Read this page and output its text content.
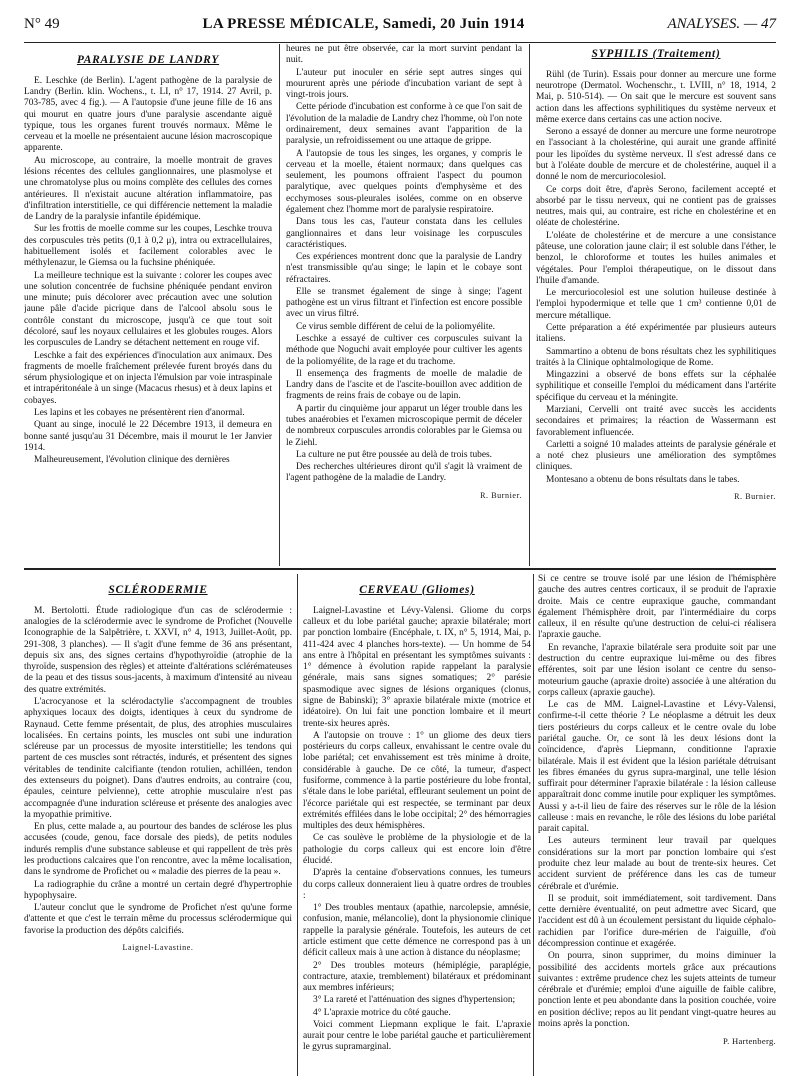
N° 49	LA PRESSE MÉDICALE, Samedi, 20 Juin 1914	ANALYSES. — 47
PARALYSIE DE LANDRY

E. Leschke (de Berlin). L'agent pathogène de la paralysie de Landry (Berlin. klin. Wochens., t. LI, n° 17, 1914. 27 Avril, p. 703-785, avec 4 fig.). — A l'autopsie d'une jeune fille de 16 ans qui mourut en quatre jours d'une paralysie ascendante aiguë typique, tous les organes furent trouvés normaux. Même le cerveau et la moelle ne présentaient aucune lésion macroscopique apparente.

Au microscope, au contraire, la moelle montrait de graves lésions récentes des cellules ganglionnaires, une plasmolyse et une chromatolyse plus ou moins complète des cellules des cornes antérieures. Il n'existait aucune altération inflammatoire, pas d'infiltration interstitielle, ce qui différencie nettement la maladie de Landry de la paralysie infantile épidémique.

Sur les frottis de moelle comme sur les coupes, Leschke trouva des corpuscules très petits (0,1 à 0,2 μ), intra ou extracellulaires, habituellement isolés et facilement colorables avec le méthylenazur, le Giemsa ou la fuchsine phéniquée.

La meilleure technique est la suivante : colorer les coupes avec une solution concentrée de fuchsine phéniquée pendant environ une minute; puis décolorer avec précaution avec une solution jaune pâle d'acide picrique dans de l'alcool absolu sous le contrôle constant du microscope, jusqu'à ce que tout soit décoloré, sauf les noyaux cellulaires et les globules rouges. Alors les corpuscules de Landry se détachent nettement en rouge vif.

Leschke a fait des expériences d'inoculation aux animaux. Des fragments de moelle fraîchement prélevée furent broyés dans du sérum physiologique et on injecta l'émulsion par voie intraspinale et intrapéritonéale à un singe (Macacus rhesus) et à deux lapins et cobayes.

Les lapins et les cobayes ne présentèrent rien d'anormal.

Quant au singe, inoculé le 22 Décembre 1913, il demeura en bonne santé jusqu'au 31 Décembre, mais il mourut le 1er Janvier 1914.

Malheureusement, l'évolution clinique des dernières

heures ne put être observée, car la mort survint pendant la nuit.

L'auteur put inoculer en série sept autres singes qui moururent après une période d'incubation variant de sept à vingt-trois jours.

Cette période d'incubation est conforme à ce que l'on sait de l'évolution de la maladie de Landry chez l'homme, où l'on note ordinairement, deux semaines avant l'apparition de la paralysie, un refroidissement ou une attaque de grippe.

A l'autopsie de tous les singes, les organes, y compris le cerveau et la moelle, étaient normaux; dans quelques cas seulement, les poumons offraient l'aspect du poumon paralytique, avec quelques points d'emphysème et des ecchymoses sous-pleurales isolées, comme on en observe également chez l'homme mort de paralysie respiratoire.

Dans tous les cas, l'auteur constata dans les cellules ganglionnaires et dans leur voisinage les corpuscules caractéristiques.

Ces expériences montrent donc que la paralysie de Landry n'est transmissible qu'au singe; le lapin et le cobaye sont réfractaires.

Elle se transmet également de singe à singe; l'agent pathogène est un virus filtrant et l'infection est encore possible avec un virus filtré.

Ce virus semble différent de celui de la poliomyélite.

Leschke a essayé de cultiver ces corpuscules suivant la méthode que Noguchi avait employée pour cultiver les agents de la poliomyélite, de la rage et du trachome.

Il ensemença des fragments de moelle de maladie de Landry dans de l'ascite et de l'ascite-bouillon avec addition de fragments de reins frais de cobaye ou de lapin.

A partir du cinquième jour apparut un léger trouble dans les tubes anaérobies et l'examen microscopique permit de déceler de nombreux corpuscules arrondis colorables par le Giemsa ou le Ziehl.

La culture ne put être poussée au delà de trois tubes.

Des recherches ultérieures diront qu'il s'agit là vraiment de l'agent pathogène de la maladie de Landry.

R. Burnier.
SYPHILIS (Traitement)

Rühl (de Turin). Essais pour donner au mercure une forme neurotrope (Dermatol. Wochenschr., t. LVIII, n° 18, 1914, 2 Mai, p. 510-514). — On sait que le mercure est souvent sans action dans les affections syphilitiques du système nerveux et même exerce dans certains cas une action nocive.

Serono a essayé de donner au mercure une forme neurotrope en l'associant à la cholestérine, qui aurait une grande affinité pour les lipoïdes du système nerveux. Il s'est adressé dans ce but à l'oléate double de mercure et de cholestérine, auquel il a donné le nom de mercuriocolesiol.

Ce corps doit être, d'après Serono, facilement accepté et absorbé par le tissu nerveux, qui ne contient pas de graisses neutres, mais qui, au contraire, est riche en cholestérine et en oléate de cholestérine.

L'oléate de cholestérine et de mercure a une consistance pâteuse, une coloration jaune clair; il est soluble dans l'éther, le benzol, le chloroforme et toutes les huiles animales et végétales. Pour l'emploi thérapeutique, on le dissout dans l'huile d'amande.

Le mercuriocolesiol est une solution huileuse destinée à l'emploi hypodermique et telle que 1 cm³ contienne 0,01 de mercure métallique.

Cette préparation a été expérimentée par plusieurs auteurs italiens.

Sammartino a obtenu de bons résultats chez les syphilitiques traités à la Clinique ophtalmologique de Rome.

Mingazzini a observé de bons effets sur la céphalée syphilitique et conseille l'emploi du médicament dans l'artérite spécifique du cerveau et la méningite.

Marziani, Cervelli ont traité avec succès les accidents secondaires et primaires; la réaction de Wassermann est favorablement influencée.

Carletti a soigné 10 malades atteints de paralysie générale et a noté chez plusieurs une amélioration des symptômes cliniques.

Montesano a obtenu de bons résultats dans le tabes.

R. Burnier.
SCLÉRODERMIE

M. Bertolotti. Étude radiologique d'un cas de sclérodermie : analogies de la sclérodermie avec le syndrome de Profichet (Nouvelle Iconographie de la Salpêtrière, t. XXVI, n° 4, 1913, Juillet-Août, pp. 291-308, 3 planches). — Il s'agit d'une femme de 36 ans présentant, depuis six ans, des signes certains d'hypothyroïdie (atrophie de la thyroïde, suspension des règles) et atteinte d'altérations sclérémateuses de la peau et des tissus sous-jacents, à maximum d'intensité au niveau des quatre extrémités.

L'acrocyanose et la sclérodactylie s'accompagnent de troubles aphyxiques locaux des doigts, identiques à ceux du syndrome de Raynaud. Cette femme présentait, de plus, des atrophies musculaires localisées. En certains points, les muscles ont subi une induration scléreuse par un processus de myosite interstitielle; les tendons qui partent de ces muscles sont rétractés, indurés, et présentent des signes véritables de tendinite calcifiante (tendon rotulien, achilléen, tendon des extenseurs du poignet). Dans d'autres endroits, au contraire (cou, épaules, ceinture pelvienne), cette atrophie musculaire n'est pas accompagnée d'une induration scléreuse et présente des analogies avec la myopathie primitive.

En plus, cette malade a, au pourtour des bandes de sclérose les plus accusées (coude, genou, face dorsale des pieds), de petits nodules indurés remplis d'une substance sableuse et qui rappellent de très près les productions calcaires que l'on rencontre, avec la même localisation, dans le syndrome de Profichet ou « maladie des pierres de la peau ».

La radiographie du crâne a montré un certain degré d'hypertrophie hypophysaire.

L'auteur conclut que le syndrome de Profichet n'est qu'une forme d'attente et que c'est le terrain même du processus sclérodermique qui favorise la production des dépôts calcifiés.

Laignel-Lavastine.
CERVEAU (Gliomes)

Laignel-Lavastine et Lévy-Valensi. Gliome du corps calleux et du lobe pariétal gauche; apraxie bilatérale; mort par ponction lombaire (Encéphale, t. IX, n° 5, 1914, Mai, p. 411-424 avec 4 planches hors-texte). — Un homme de 54 ans entre à l'hôpital en présentant les symptômes suivants : 1° démence à évolution rapide rappelant la paralysie générale, mais sans signes somatiques; 2° parésie spasmodique avec signes de lésions organiques (clonus, signe de Babinski); 3° apraxie bilatérale mixte (motrice et idéatoire). On lui fait une ponction lombaire et il meurt trente-six heures après.

A l'autopsie on trouve : 1° un gliome des deux tiers postérieurs du corps calleux, envahissant le centre ovale du lobe pariétal; cet envahissement est très minime à droite, considérable à gauche. De ce côté, la tumeur, d'aspect fusiforme, commence à la partie postérieure du lobe frontal, s'étale dans le lobe pariétal, effleurant seulement un point de l'écorce pariétale qui est respectée, se terminant par deux extrémités effilées dans le lobe occipital; 2° des hémorragies multiples des deux hémisphères.

Ce cas soulève le problème de la physiologie et de la pathologie du corps calleux qui est encore loin d'être élucidé.

D'après la centaine d'observations connues, les tumeurs du corps calleux donneraient lieu à quatre ordres de troubles :

1° Des troubles mentaux (apathie, narcolepsie, amnésie, confusion, manie, mélancolie), dont la physionomie clinique rappelle la paralysie générale. Toutefois, les auteurs de cet article estiment que cette démence ne correspond pas à un déficit calleux mais à une action à distance du néoplasme;

2° Des troubles moteurs (hémiplégie, paraplégie, contracture, ataxie, tremblement) bilatéraux et prédominant aux membres inférieurs;

3° La rareté et l'atténuation des signes d'hypertension;

4° L'apraxie motrice du côté gauche.

Voici comment Liepmann explique le fait. L'apraxie aurait pour centre le lobe pariétal gauche et particulièrement le gyrus supramarginal.

Si ce centre se trouve isolé par une lésion de l'hémisphère gauche des autres centres corticaux, il se produit de l'apraxie droite. Mais ce centre eupraxique gauche, commandant également l'hémisphère droit, par l'intermédiaire du corps calleux, il en résulte qu'une destruction de celui-ci réalisera l'apraxie gauche.

En revanche, l'apraxie bilatérale sera produite soit par une destruction du centre eupraxique lui-même ou des fibres efférentes, soit par une lésion isolant ce centre du senso-moteurium gauche (apraxie droite) associée à une altération du corps calleux (apraxie gauche).

Le cas de MM. Laignel-Lavastine et Lévy-Valensi, confirme-t-il cette théorie ? Le néoplasme a détruit les deux tiers postérieurs du corps calleux et le centre ovale du lobe pariétal gauche. Or, ce sont là les deux lésions dont la coïncidence, d'après Liepmann, conditionne l'apraxie bilatérale. Mais il est évident que la lésion pariétale détruisant les fibres émanées du gyrus supra-marginal, une telle lésion suffirait pour déterminer l'apraxie bilatérale : la lésion calleuse apparaîtrait donc comme inutile pour expliquer les symptômes. Aussi y a-t-il lieu de faire des réserves sur le rôle de la lésion calleuse : mais en revanche, le rôle des lésions du lobe pariétal parait capital.

Les auteurs terminent leur travail par quelques considérations sur la mort par ponction lombaire qui s'est produite chez leur malade au bout de trente-six heures. Cet accident survient de préférence dans les cas de tumeur cérébrale et d'urémie.

Il se produit, soit immédiatement, soit tardivement. Dans cette dernière éventualité, on peut admettre avec Sicard, que l'accident est dû à un écoulement persistant du liquide céphalo-rachidien par l'orifice dure-mérien de l'aiguille, d'où décompression continue et exagérée.

On pourra, sinon supprimer, du moins diminuer la possibilité des accidents mortels grâce aux précautions suivantes : extrême prudence chez les sujets atteints de tumeur cérébrale et d'urémie; emploi d'une aiguille de faible calibre, ponction lente et peu abondante dans la position couchée, voire en position déclive; repos au lit pendant vingt-quatre heures au moins après la ponction.

P. Hartenberg.
